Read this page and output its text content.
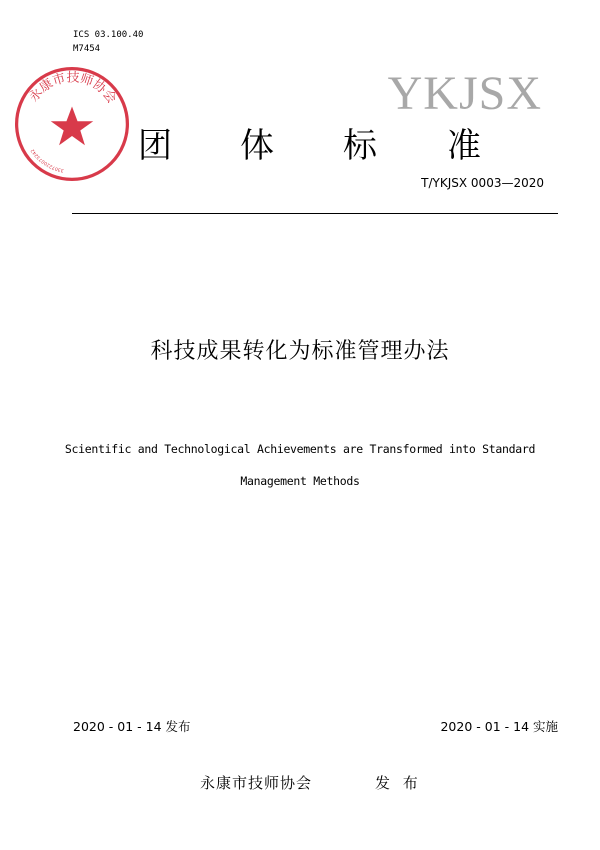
ICS 03.100.40
M7454
YKJSX
永康市技师协会
3307220073242	团 体 标 准
T/YKJSX 0003—2020
科技成果转化为标准管理办法
Scientific and Technological Achievements are Transformed into Standard
Management Methods
2020 - 01 - 14 发布	2020 - 01 - 14 实施
永康市技师协会	发 布
